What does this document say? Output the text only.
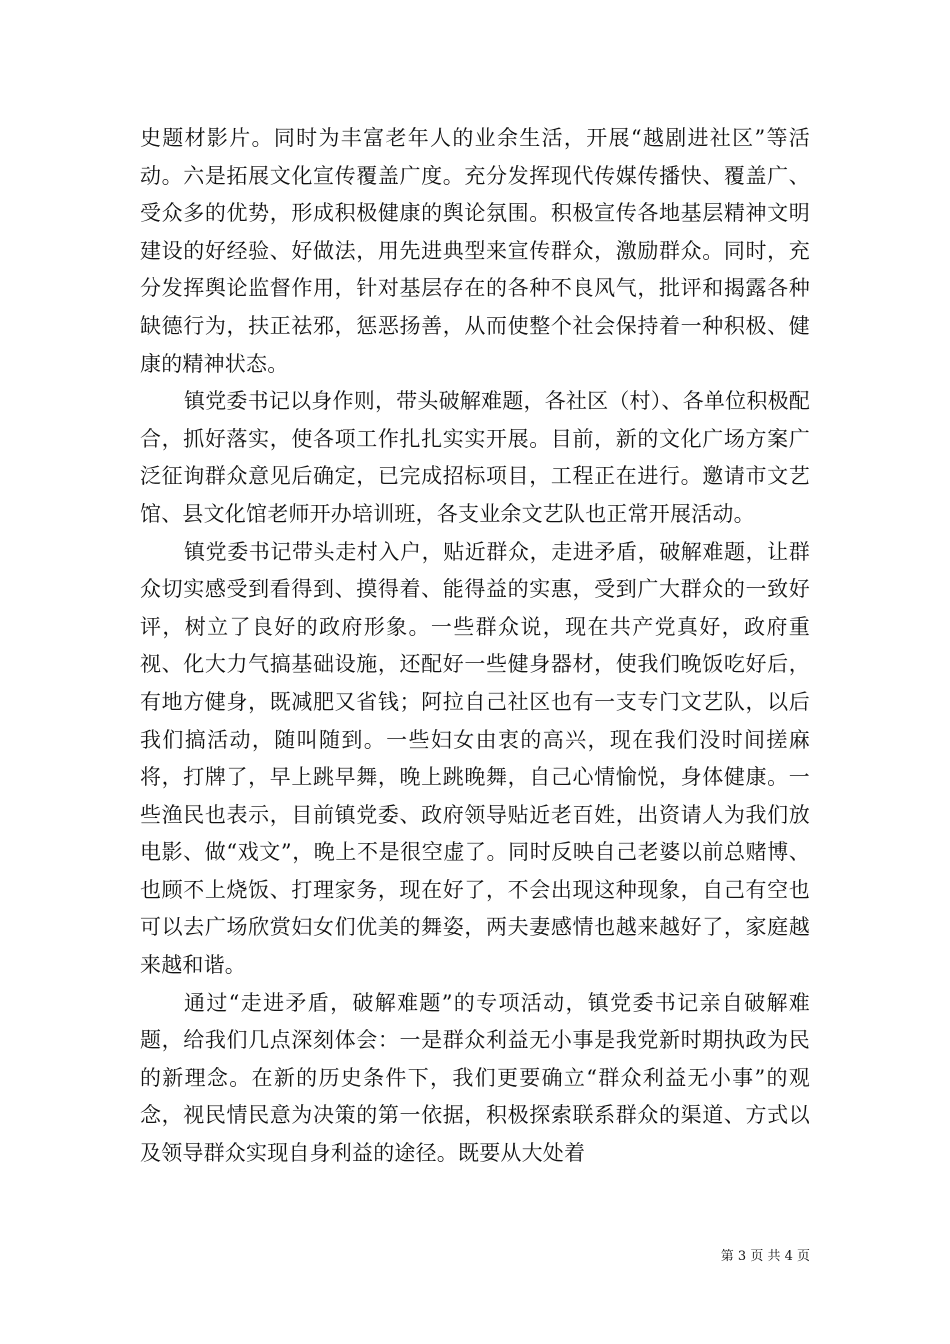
史题材影片。同时为丰富老年人的业余生活，开展“越剧进社区”等活动。六是拓展文化宣传覆盖广度。充分发挥现代传媒传播快、覆盖广、受众多的优势，形成积极健康的舆论氛围。积极宣传各地基层精神文明建设的好经验、好做法，用先进典型来宣传群众，激励群众。同时，充分发挥舆论监督作用，针对基层存在的各种不良风气，批评和揭露各种缺德行为，扶正祛邪，惩恶扬善，从而使整个社会保持着一种积极、健康的精神状态。

镇党委书记以身作则，带头破解难题，各社区（村）、各单位积极配合，抓好落实，使各项工作扎扎实实开展。目前，新的文化广场方案广泛征询群众意见后确定，已完成招标项目，工程正在进行。邀请市文艺馆、县文化馆老师开办培训班，各支业余文艺队也正常开展活动。

镇党委书记带头走村入户，贴近群众，走进矛盾，破解难题，让群众切实感受到看得到、摸得着、能得益的实惠，受到广大群众的一致好评，树立了良好的政府形象。一些群众说，现在共产党真好，政府重视、化大力气搞基础设施，还配好一些健身器材，使我们晚饭吃好后，有地方健身，既减肥又省钱；阿拉自己社区也有一支专门文艺队，以后我们搞活动，随叫随到。一些妇女由衷的高兴，现在我们没时间搓麻将，打牌了，早上跳早舞，晚上跳晚舞，自己心情愉悦，身体健康。一些渔民也表示，目前镇党委、政府领导贴近老百姓，出资请人为我们放电影、做“戏文”，晚上不是很空虚了。同时反映自己老婆以前总赌博、也顾不上烧饭、打理家务，现在好了，不会出现这种现象，自己有空也可以去广场欣赏妇女们优美的舞姿，两夫妻感情也越来越好了，家庭越来越和谐。

通过“走进矛盾，破解难题”的专项活动，镇党委书记亲自破解难题，给我们几点深刻体会：一是群众利益无小事是我党新时期执政为民的新理念。在新的历史条件下，我们更要确立“群众利益无小事”的观念，视民情民意为决策的第一依据，积极探索联系群众的渠道、方式以及领导群众实现自身利益的途径。既要从大处着

第 3 页 共 4 页
